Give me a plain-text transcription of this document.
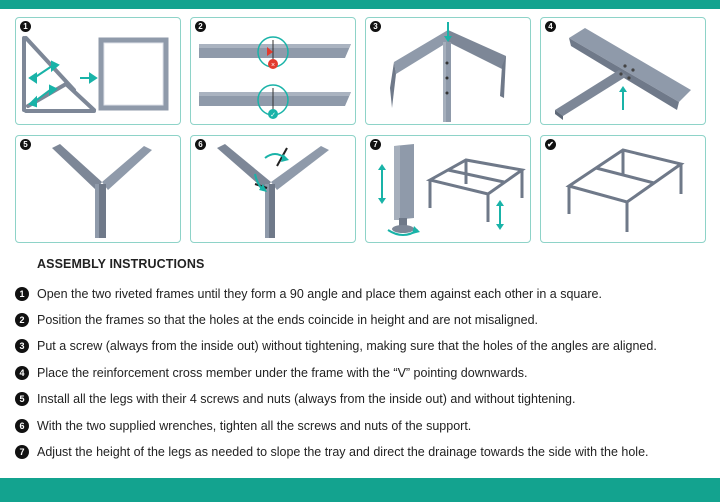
1
×
✓
2	3	4
5	6	7	✔
ASSEMBLY INSTRUCTIONS
1	Open the two riveted frames until they form a 90 angle and place them against each other in a square.
2	Position the frames so that the holes at the ends coincide in height and are not misaligned.
3	Put a screw (always from the inside out) without tightening, making sure that the holes of the angles are aligned.
4	Place the reinforcement cross member under the frame with the “V” pointing downwards.
5	Install all the legs with their 4 screws and nuts (always from the inside out) and without tightening.
6	With the two supplied wrenches, tighten all the screws and nuts of the support.
7	Adjust the height of the legs as needed to slope the tray and direct the drainage towards the side with the hole.
